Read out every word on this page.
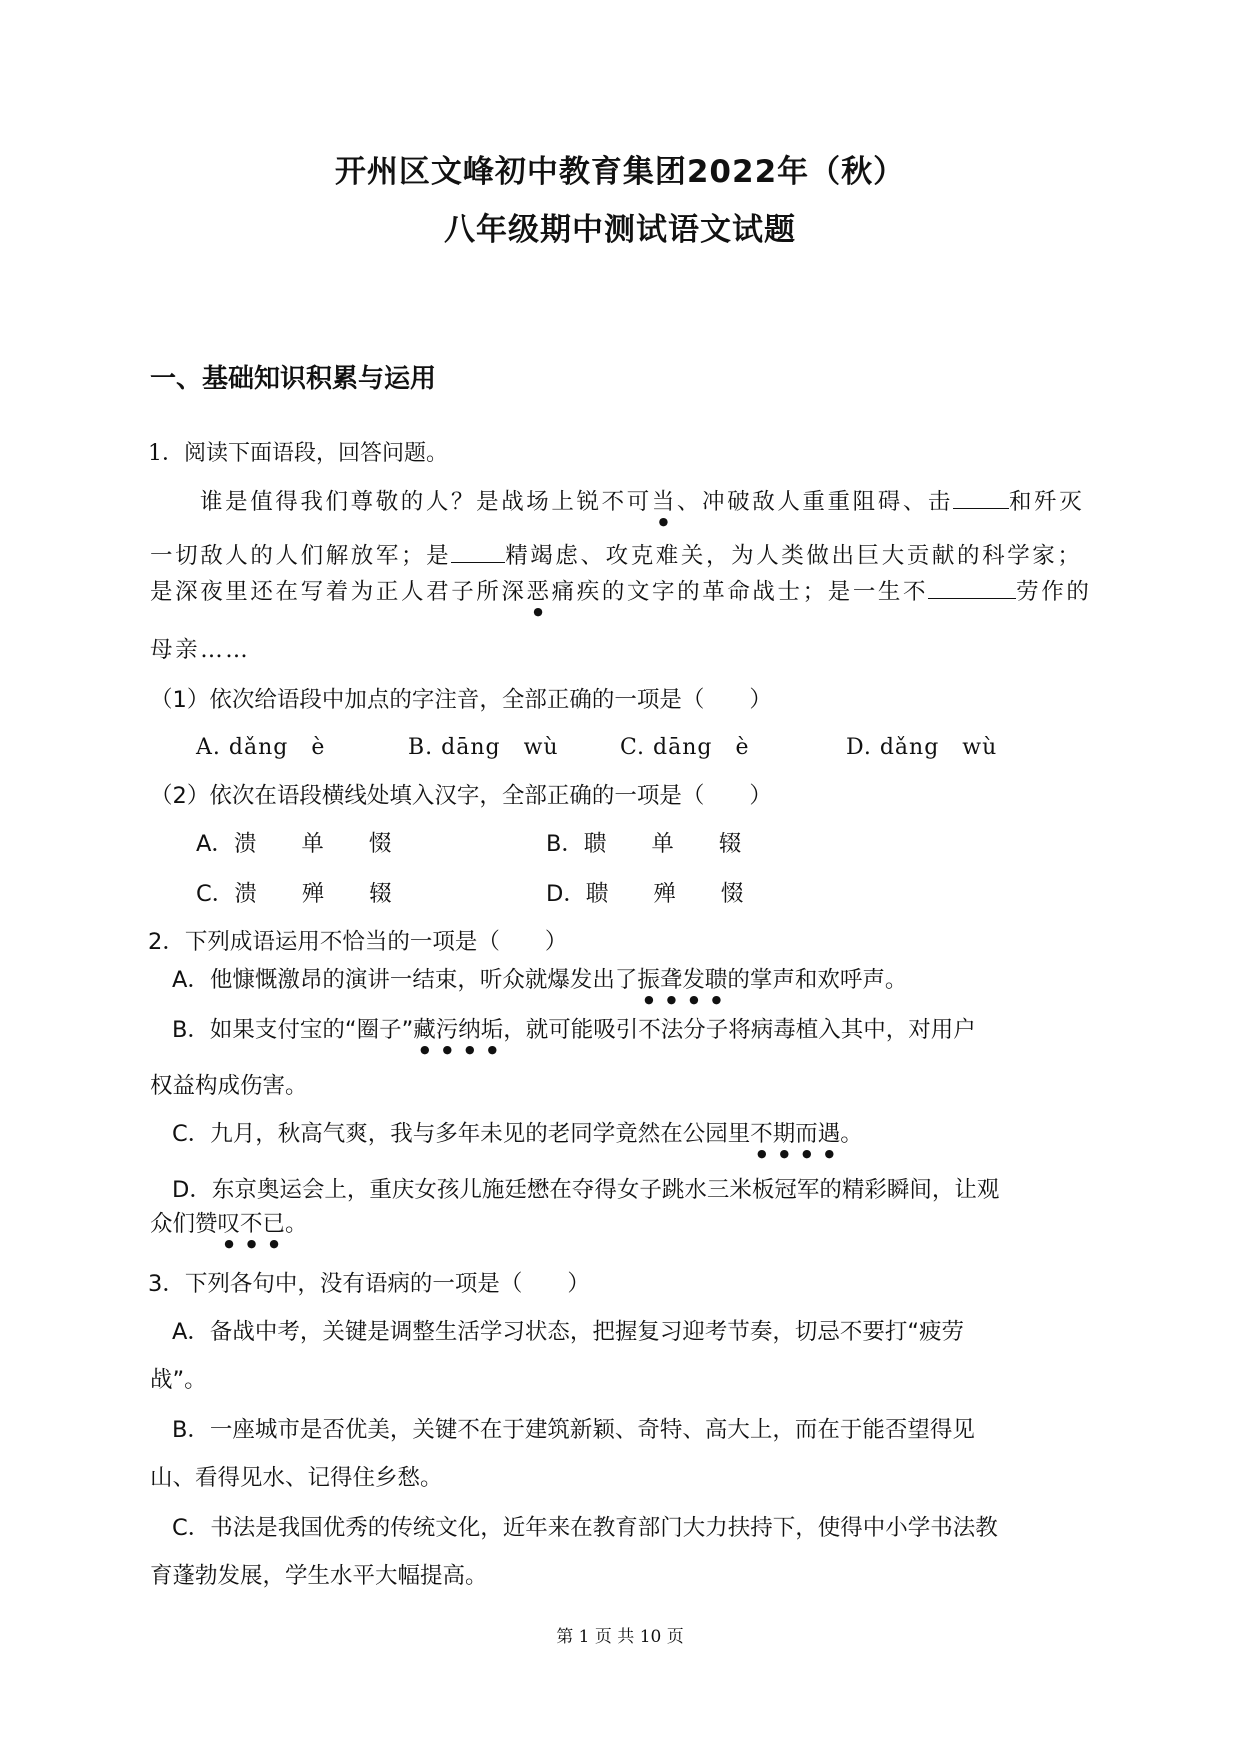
开州区文峰初中教育集团2022年（秋）
八年级期中测试语文试题
一、基础知识积累与运用
1．阅读下面语段，回答问题。
谁是值得我们尊敬的人？是战场上锐不可当、冲破敌人重重阻碍、击 和歼灭
一切敌人的人们解放军；是 精竭虑、攻克难关，为人类做出巨大贡献的科学家；
是深夜里还在写着为正人君子所深恶痛疾的文字的革命战士；是一生不	劳作的
母亲……
（1）依次给语段中加点的字注音，全部正确的一项是（　　）
A. dǎng　è	B. dāng　wù	C. dāng　è	D. dǎng　wù
（2）依次在语段横线处填入汉字，全部正确的一项是（　　）
A．溃　　单　　惙	B．聩　　单　　辍
C．溃　　殚　　辍	D．聩　　殚　　惙
2．下列成语运用不恰当的一项是（　　）
A．他慷慨激昂的演讲一结束，听众就爆发出了振聋发聩的掌声和欢呼声。
B．如果支付宝的“圈子”藏污纳垢，就可能吸引不法分子将病毒植入其中，对用户
权益构成伤害。
C．九月，秋高气爽，我与多年未见的老同学竟然在公园里不期而遇。
D．东京奥运会上，重庆女孩儿施廷懋在夺得女子跳水三米板冠军的精彩瞬间，让观
众们赞叹不已。
3．下列各句中，没有语病的一项是（　　）
A．备战中考，关键是调整生活学习状态，把握复习迎考节奏，切忌不要打“疲劳
战”。
B．一座城市是否优美，关键不在于建筑新颖、奇特、高大上，而在于能否望得见
山、看得见水、记得住乡愁。
C．书法是我国优秀的传统文化，近年来在教育部门大力扶持下，使得中小学书法教
育蓬勃发展，学生水平大幅提高。
第 1 页 共 10 页
